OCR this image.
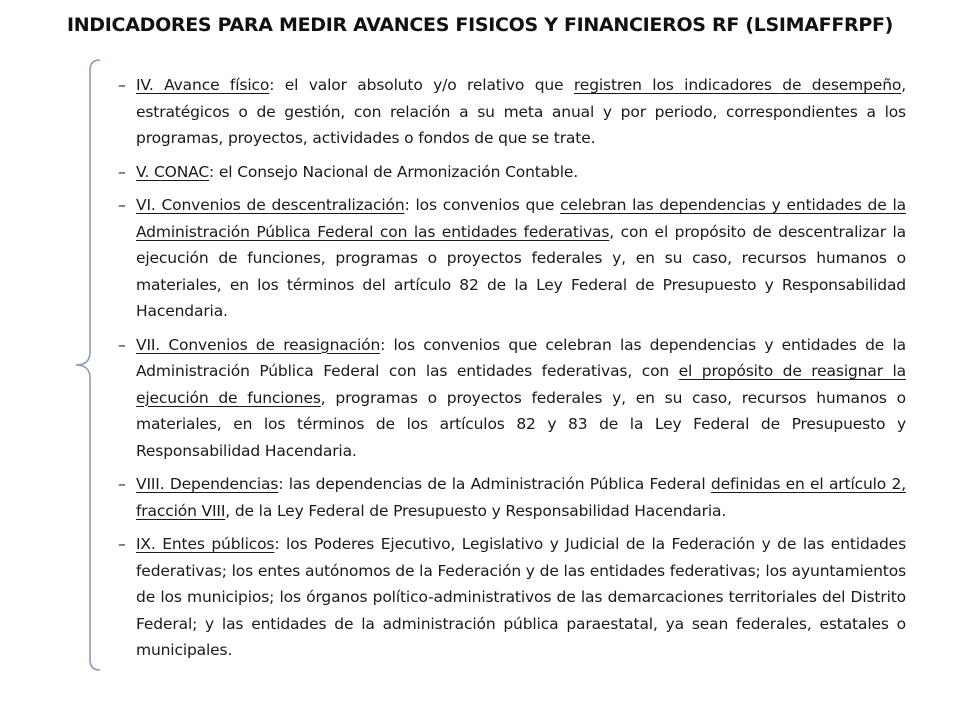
INDICADORES PARA MEDIR AVANCES FISICOS Y FINANCIEROS RF (LSIMAFFRPF)
– IV. Avance físico: el valor absoluto y/o relativo que registren los indicadores de desempeño, estratégicos o de gestión, con relación a su meta anual y por periodo, correspondientes a los programas, proyectos, actividades o fondos de que se trate.
– V. CONAC: el Consejo Nacional de Armonización Contable.
– VI. Convenios de descentralización: los convenios que celebran las dependencias y entidades de la Administración Pública Federal con las entidades federativas, con el propósito de descentralizar la ejecución de funciones, programas o proyectos federales y, en su caso, recursos humanos o materiales, en los términos del artículo 82 de la Ley Federal de Presupuesto y Responsabilidad Hacendaria.
– VII. Convenios de reasignación: los convenios que celebran las dependencias y entidades de la Administración Pública Federal con las entidades federativas, con el propósito de reasignar la ejecución de funciones, programas o proyectos federales y, en su caso, recursos humanos o materiales, en los términos de los artículos 82 y 83 de la Ley Federal de Presupuesto y Responsabilidad Hacendaria.
– VIII. Dependencias: las dependencias de la Administración Pública Federal definidas en el artículo 2, fracción VIII, de la Ley Federal de Presupuesto y Responsabilidad Hacendaria.
– IX. Entes públicos: los Poderes Ejecutivo, Legislativo y Judicial de la Federación y de las entidades federativas; los entes autónomos de la Federación y de las entidades federativas; los ayuntamientos de los municipios; los órganos político-administrativos de las demarcaciones territoriales del Distrito Federal; y las entidades de la administración pública paraestatal, ya sean federales, estatales o municipales.
